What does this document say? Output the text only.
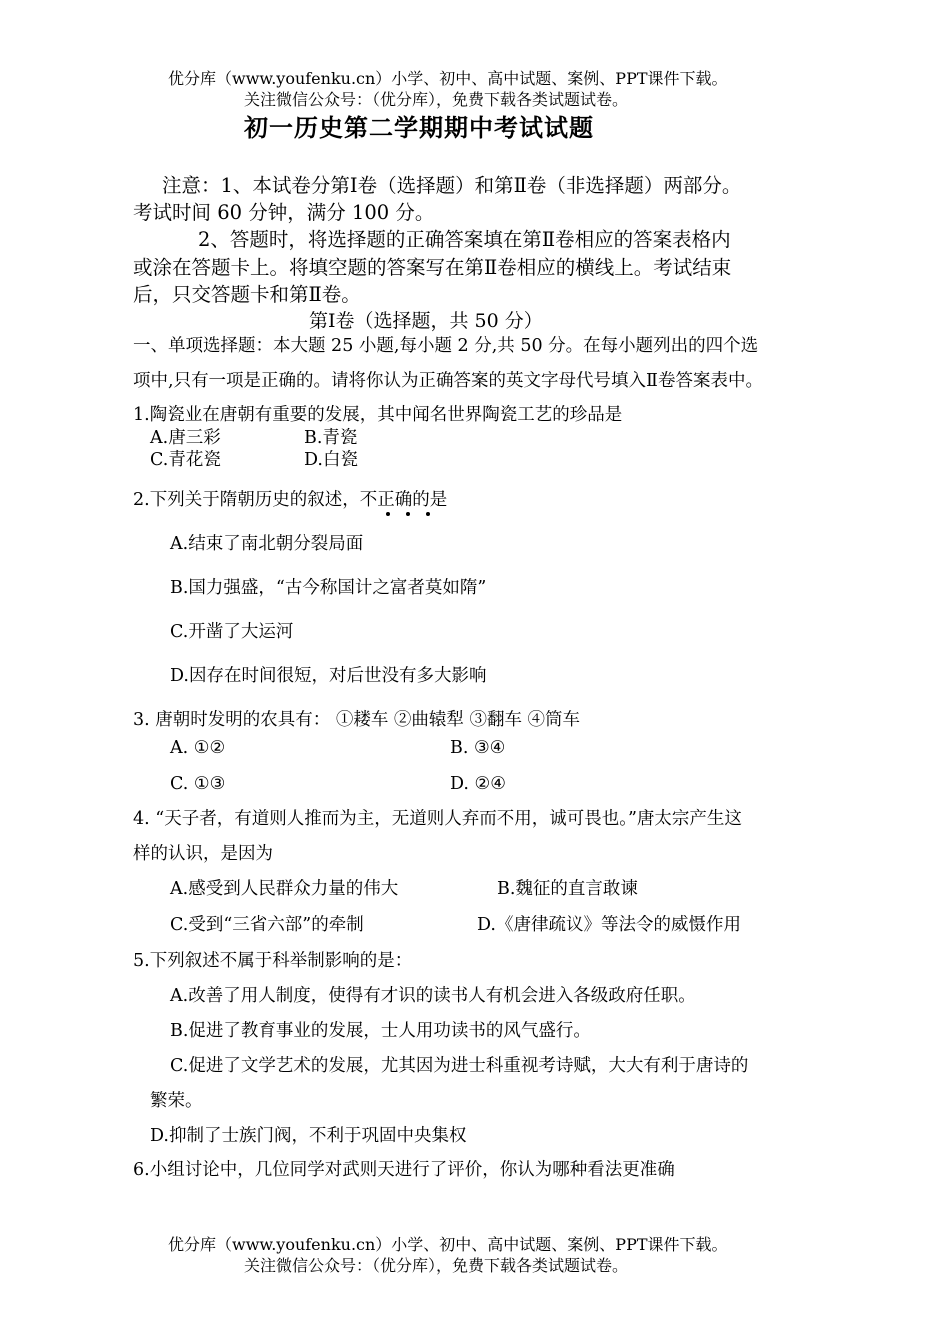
优分库（www.youfenku.cn）小学、初中、高中试题、案例、PPT课件下载。
关注微信公众号：（优分库），免费下载各类试题试卷。
初一历史第二学期期中考试试题
注意：1、本试卷分第Ⅰ卷（选择题）和第Ⅱ卷（非选择题）两部分。
考试时间 60 分钟，满分 100 分。
2、答题时，将选择题的正确答案填在第Ⅱ卷相应的答案表格内
或涂在答题卡上。将填空题的答案写在第Ⅱ卷相应的横线上。考试结束
后，只交答题卡和第Ⅱ卷。
第Ⅰ卷（选择题，共 50 分）
一、单项选择题：本大题 25 小题,每小题 2 分,共 50 分。在每小题列出的四个选
项中,只有一项是正确的。请将你认为正确答案的英文字母代号填入Ⅱ卷答案表中。
1.陶瓷业在唐朝有重要的发展，其中闻名世界陶瓷工艺的珍品是
A.唐三彩	B.青瓷
C.青花瓷	D.白瓷
2.下列关于隋朝历史的叙述，不正确的是
A.结束了南北朝分裂局面
B.国力强盛，“古今称国计之富者莫如隋”
C.开凿了大运河
D.因存在时间很短，对后世没有多大影响
3. 唐朝时发明的农具有： ①耧车 ②曲辕犁 ③翻车 ④筒车
A. ①②	B. ③④
C. ①③	D. ②④
4. “天子者，有道则人推而为主，无道则人弃而不用，诚可畏也。”唐太宗产生这
样的认识，是因为
A.感受到人民群众力量的伟大	B.魏征的直言敢谏
C.受到“三省六部”的牵制	D.《唐律疏议》等法令的威慑作用
5.下列叙述不属于科举制影响的是：
A.改善了用人制度，使得有才识的读书人有机会进入各级政府任职。
B.促进了教育事业的发展，士人用功读书的风气盛行。
C.促进了文学艺术的发展，尤其因为进士科重视考诗赋，大大有利于唐诗的
繁荣。
D.抑制了士族门阀，不利于巩固中央集权
6.小组讨论中，几位同学对武则天进行了评价，你认为哪种看法更准确
优分库（www.youfenku.cn）小学、初中、高中试题、案例、PPT课件下载。
关注微信公众号：（优分库），免费下载各类试题试卷。
